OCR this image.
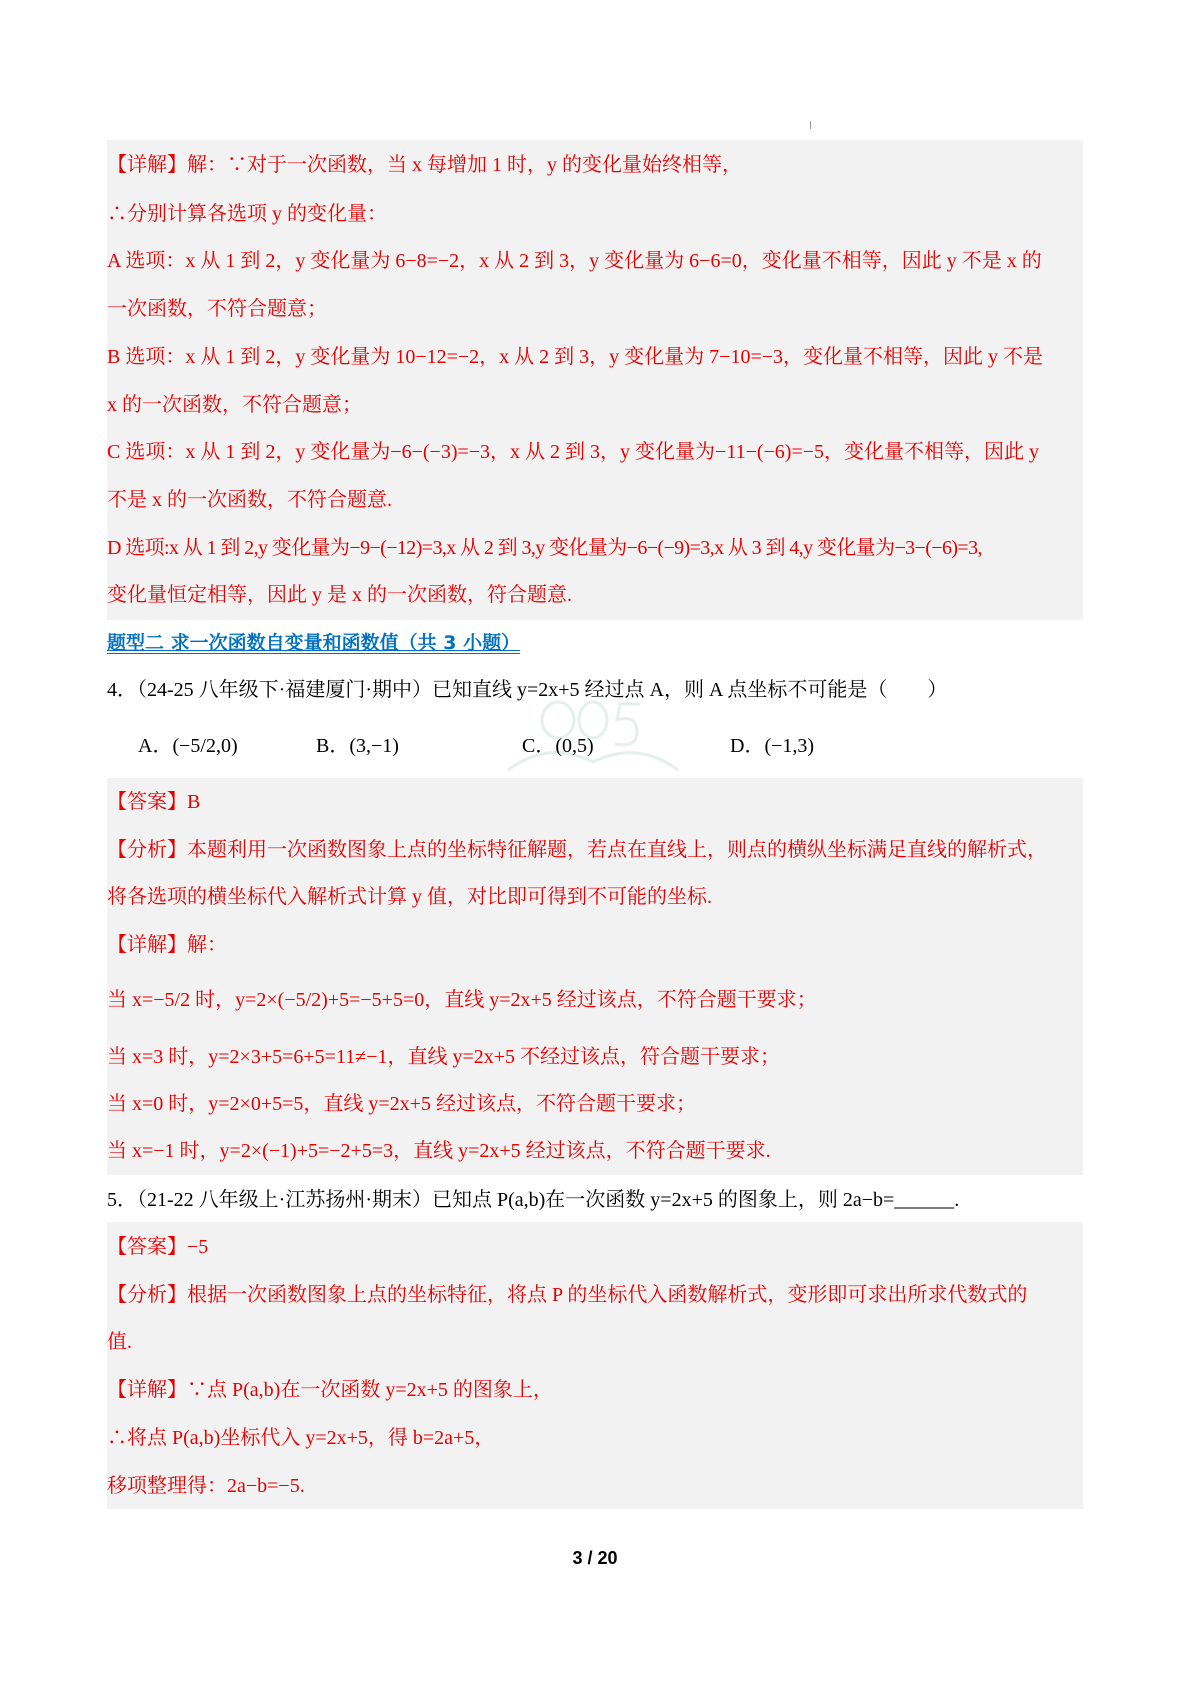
【详解】解：∵对于一次函数，当 x 每增加 1 时，y 的变化量始终相等，
∴分别计算各选项 y 的变化量：
A 选项：x 从 1 到 2，y 变化量为 6−8=−2，x 从 2 到 3，y 变化量为 6−6=0，变化量不相等，因此 y 不是 x 的
一次函数，不符合题意；
B 选项：x 从 1 到 2，y 变化量为 10−12=−2，x 从 2 到 3，y 变化量为 7−10=−3，变化量不相等，因此 y 不是
x 的一次函数，不符合题意；
C 选项：x 从 1 到 2，y 变化量为−6−(−3)=−3，x 从 2 到 3，y 变化量为−11−(−6)=−5，变化量不相等，因此 y
不是 x 的一次函数，不符合题意.
D 选项:x 从 1 到 2,y 变化量为−9−(−12)=3,x 从 2 到 3,y 变化量为−6−(−9)=3,x 从 3 到 4,y 变化量为−3−(−6)=3,
变化量恒定相等，因此 y 是 x 的一次函数，符合题意.
题型二 求一次函数自变量和函数值（共 3 小题）
4．（24-25 八年级下·福建厦门·期中）已知直线 y=2x+5 经过点 A，则 A 点坐标不可能是（　　）
A．(−5/2,0)	B．(3,−1)	C．(0,5)	D．(−1,3)
【答案】B
【分析】本题利用一次函数图象上点的坐标特征解题，若点在直线上，则点的横纵坐标满足直线的解析式，
将各选项的横坐标代入解析式计算 y 值，对比即可得到不可能的坐标.
【详解】解：
当 x=−5/2 时，y=2×(−5/2)+5=−5+5=0，直线 y=2x+5 经过该点，不符合题干要求；
当 x=3 时，y=2×3+5=6+5=11≠−1，直线 y=2x+5 不经过该点，符合题干要求；
当 x=0 时，y=2×0+5=5，直线 y=2x+5 经过该点，不符合题干要求；
当 x=−1 时，y=2×(−1)+5=−2+5=3，直线 y=2x+5 经过该点，不符合题干要求.
5．（21-22 八年级上·江苏扬州·期末）已知点 P(a,b)在一次函数 y=2x+5 的图象上，则 2a−b=______.
【答案】−5
【分析】根据一次函数图象上点的坐标特征，将点 P 的坐标代入函数解析式，变形即可求出所求代数式的
值.
【详解】∵点 P(a,b)在一次函数 y=2x+5 的图象上，
∴将点 P(a,b)坐标代入 y=2x+5，得 b=2a+5，
移项整理得：2a−b=−5.
3 / 20
